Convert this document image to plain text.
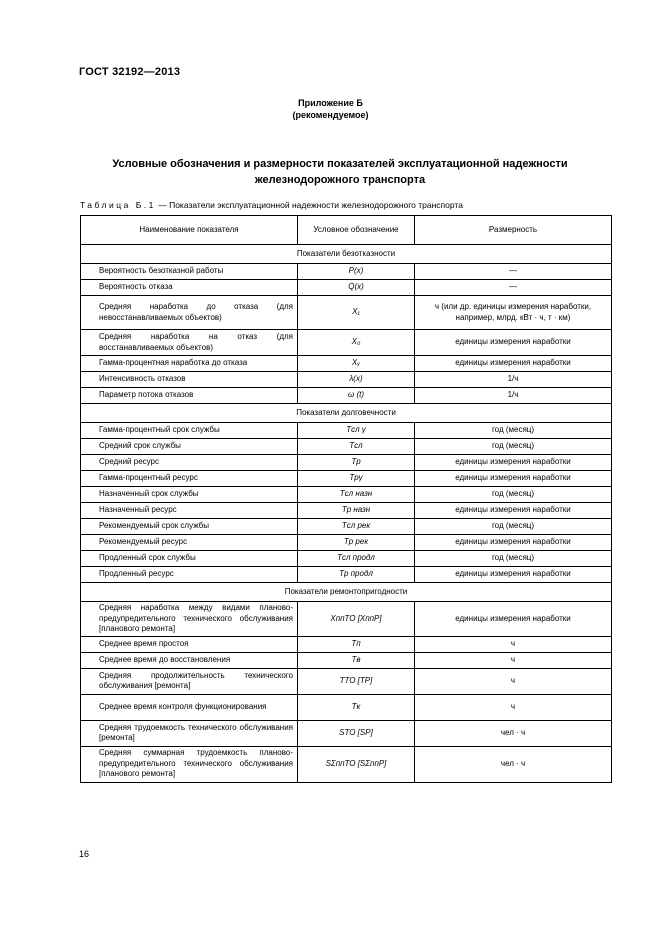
ГОСТ 32192—2013
Приложение Б
(рекомендуемое)
Условные обозначения и размерности показателей эксплуатационной надежности железнодорожного транспорта
Таблица Б.1 — Показатели эксплуатационной надежности железнодорожного транспорта
Наименование показателя	Условное обозначение	Размерность
Показатели безотказности		
Вероятность безотказной работы	P(x)	—
Вероятность отказа	Q(x)	—
Средняя наработка до отказа (для невосстанавливаемых объектов)	X₁	ч (или др. единицы измерения наработки, например, млрд. кВт · ч, т · км)
Средняя наработка на отказ (для восстанавливаемых объектов)	X₀	единицы измерения наработки
Гамма-процентная наработка до отказа	Xᵧ	единицы измерения наработки
Интенсивность отказов	λ(x)	1/ч
Параметр потока отказов	ω (t)	1/ч
Показатели долговечности		
Гамма-процентный срок службы	Tсл γ	год (месяц)
Средний срок службы	Tсл	год (месяц)
Средний ресурс	Tр	единицы измерения наработки
Гамма-процентный ресурс	Tрγ	единицы измерения наработки
Назначенный срок службы	Tсл назн	год (месяц)
Назначенный ресурс	Tр назн	единицы измерения наработки
Рекомендуемый срок службы	Tсл рек	год (месяц)
Рекомендуемый ресурс	Tр рек	единицы измерения наработки
Продленный срок службы	Tсл продл	год (месяц)
Продленный ресурс	Tр продл	единицы измерения наработки
Показатели ремонтопригодности		
Средняя наработка между видами планово-предупредительного технического обслуживания [планового ремонта]	XппТО [XппР]	единицы измерения наработки
Среднее время простоя	Tп	ч
Среднее время до восстановления	Tв	ч
Средняя продолжительность технического обслуживания [ремонта]	TТО [TР]	ч
Среднее время контроля функционирования	Tк	ч
Средняя трудоемкость технического обслуживания [ремонта]	SТО [SР]	чел · ч
Средняя суммарная трудоемкость планово-предупредительного технического обслуживания [планового ремонта]	SΣппТО [SΣппР]	чел · ч
16
